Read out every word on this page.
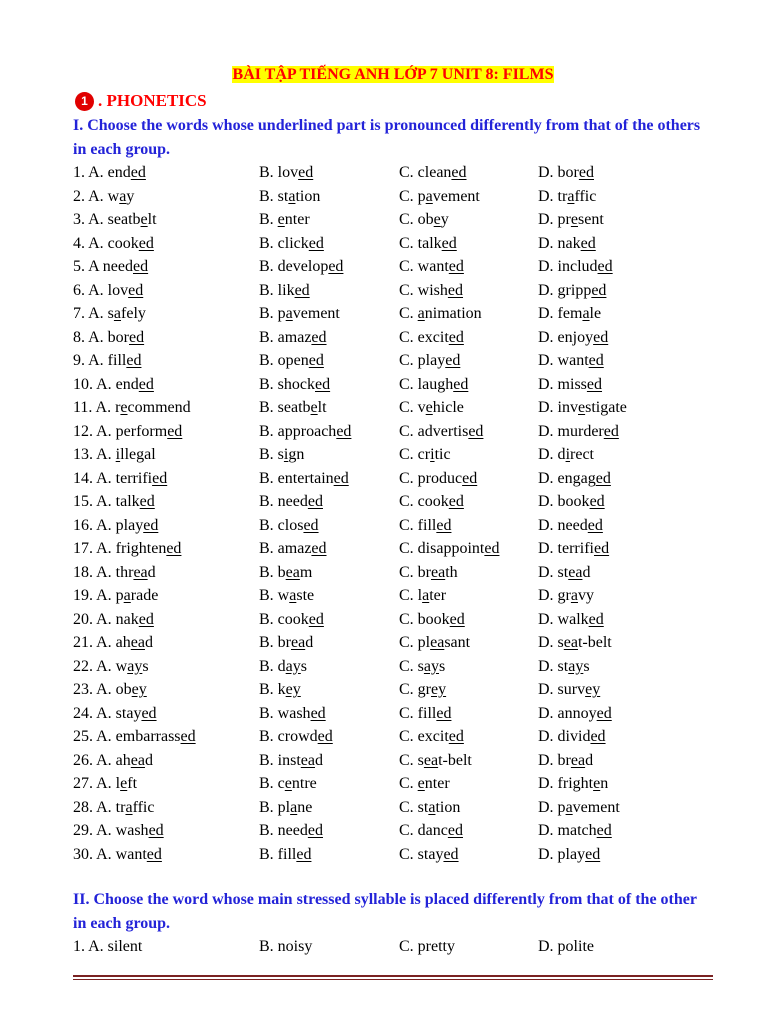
BÀI TẬP TIẾNG ANH LỚP 7 UNIT 8: FILMS
1 . PHONETICS
I. Choose the words whose underlined part is pronounced differently from that of the others in each group.
1. A. ended	B. loved	C. cleaned	D. bored
2. A. way	B. station	C. pavement	D. traffic
3. A. seatbelt	B. enter	C. obey	D. present
4. A. cooked	B. clicked	C. talked	D. naked
5. A needed	B. developed	C. wanted	D. included
6. A. loved	B. liked	C. wished	D. gripped
7. A. safely	B. pavement	C. animation	D. female
8. A. bored	B. amazed	C. excited	D. enjoyed
9. A. filled	B. opened	C. played	D. wanted
10. A. ended	B. shocked	C. laughed	D. missed
11. A. recommend	B. seatbelt	C. vehicle	D. investigate
12. A. performed	B. approached	C. advertised	D. murdered
13. A. illegal	B. sign	C. critic	D. direct
14. A. terrified	B. entertained	C. produced	D. engaged
15. A. talked	B. needed	C. cooked	D. booked
16. A. played	B. closed	C. filled	D. needed
17. A. frightened	B. amazed	C. disappointed	D. terrified
18. A. thread	B. beam	C. breath	D. stead
19. A. parade	B. waste	C. later	D. gravy
20. A. naked	B. cooked	C. booked	D. walked
21. A. ahead	B. bread	C. pleasant	D. seat-belt
22. A. ways	B. days	C. says	D. stays
23. A. obey	B. key	C. grey	D. survey
24. A. stayed	B. washed	C. filled	D. annoyed
25. A. embarrassed	B. crowded	C. excited	D. divided
26. A. ahead	B. instead	C. seat-belt	D. bread
27. A. left	B. centre	C. enter	D. frighten
28. A. traffic	B. plane	C. station	D. pavement
29. A. washed	B. needed	C. danced	D. matched
30. A. wanted	B. filled	C. stayed	D. played
II. Choose the word whose main stressed syllable is placed differently from that of the other in each group.
1. A. silent	B. noisy	C. pretty	D. polite
